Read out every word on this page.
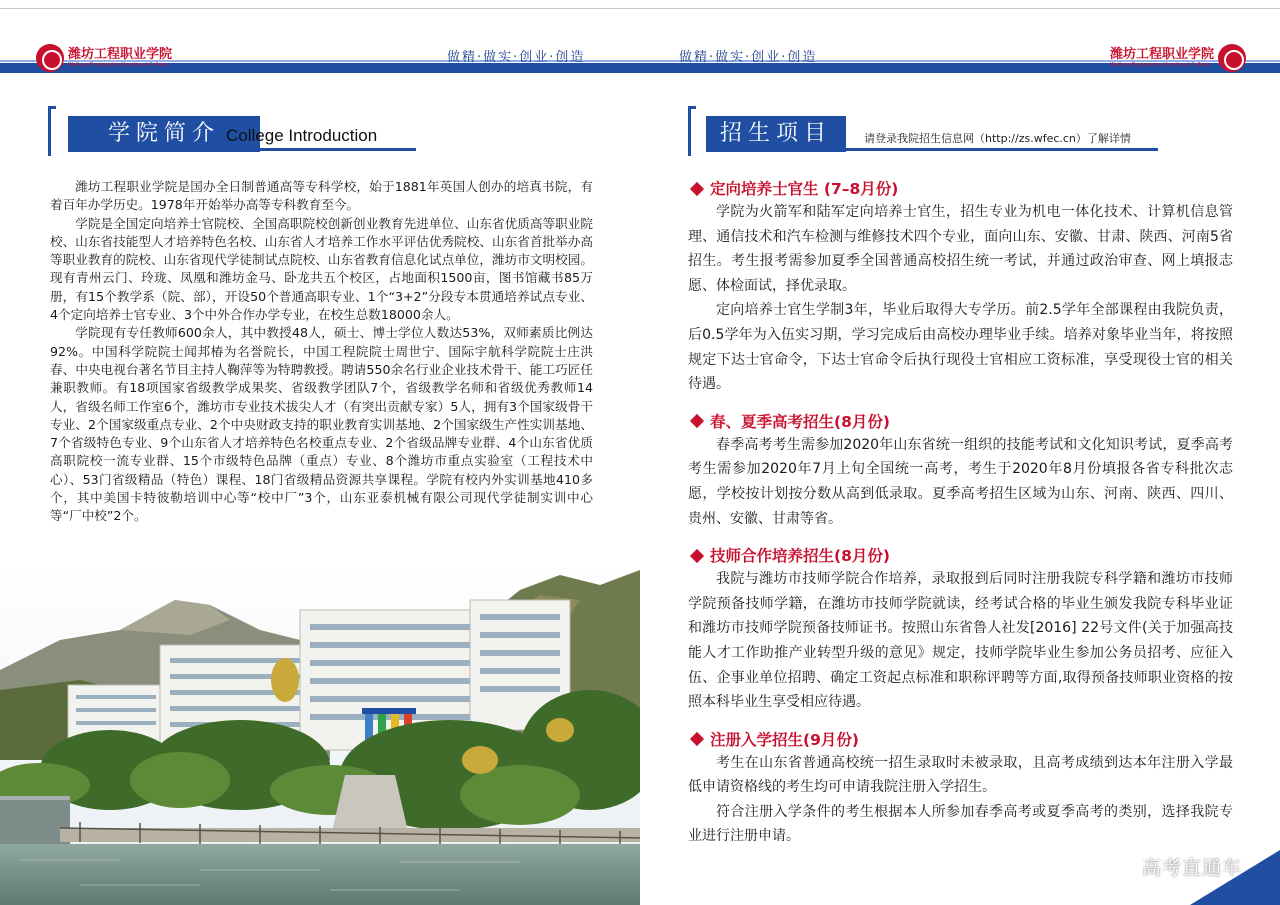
做精·做实·创业·创造	做精·做实·创业·创造
潍坊工程职业学院
Weifang Engineering Vocational College
潍坊工程职业学院
Weifang Engineering Vocational College
学院简介 College Introduction	招生项目	请登录我院招生信息网（http://zs.wfec.cn）了解详情

潍坊工程职业学院是国办全日制普通高等专科学校，始于1881年英国人创办的培真书院，有着百年办学历史。1978年开始举办高等专科教育至今。

学院是全国定向培养士官院校、全国高职院校创新创业教育先进单位、山东省优质高等职业院校、山东省技能型人才培养特色名校、山东省人才培养工作水平评估优秀院校、山东省首批举办高等职业教育的院校、山东省现代学徒制试点院校、山东省教育信息化试点单位，潍坊市文明校园。现有青州云门、玲珑、凤凰和潍坊金马、卧龙共五个校区，占地面积1500亩，图书馆藏书85万册，有15个教学系（院、部），开设50个普通高职专业、1个“3+2”分段专本贯通培养试点专业、4个定向培养士官专业、3个中外合作办学专业，在校生总数18000余人。

学院现有专任教师600余人，其中教授48人，硕士、博士学位人数达53%，双师素质比例达92%。中国科学院院士闻邦椿为名誉院长，中国工程院院士周世宁、国际宇航科学院院士庄洪春、中央电视台著名节目主持人鞠萍等为特聘教授。聘请550余名行业企业技术骨干、能工巧匠任兼职教师。有18项国家省级教学成果奖、省级教学团队7个，省级教学名师和省级优秀教师14人，省级名师工作室6个，潍坊市专业技术拔尖人才（有突出贡献专家）5人，拥有3个国家级骨干专业、2个国家级重点专业、2个中央财政支持的职业教育实训基地、2个国家级生产性实训基地、7个省级特色专业、9个山东省人才培养特色名校重点专业、2个省级品牌专业群、4个山东省优质高职院校一流专业群、15个市级特色品牌（重点）专业、8个潍坊市重点实验室（工程技术中心）、53门省级精品（特色）课程、18门省级精品资源共享课程。学院有校内外实训基地410多个，其中美国卡特彼勒培训中心等“校中厂”3个，山东亚泰机械有限公司现代学徒制实训中心等“厂中校”2个。

定向培养士官生 (7–8月份)

学院为火箭军和陆军定向培养士官生，招生专业为机电一体化技术、计算机信息管理、通信技术和汽车检测与维修技术四个专业，面向山东、安徽、甘肃、陕西、河南5省招生。考生报考需参加夏季全国普通高校招生统一考试，并通过政治审查、网上填报志愿、体检面试，择优录取。

定向培养士官生学制3年，毕业后取得大专学历。前2.5学年全部课程由我院负责，后0.5学年为入伍实习期，学习完成后由高校办理毕业手续。培养对象毕业当年，将按照规定下达士官命令，下达士官命令后执行现役士官相应工资标准，享受现役士官的相关待遇。

春、夏季高考招生(8月份)

春季高考考生需参加2020年山东省统一组织的技能考试和文化知识考试，夏季高考考生需参加2020年7月上旬全国统一高考，考生于2020年8月份填报各省专科批次志愿，学校按计划按分数从高到低录取。夏季高考招生区域为山东、河南、陕西、四川、贵州、安徽、甘肃等省。

技师合作培养招生(8月份)

我院与潍坊市技师学院合作培养，录取报到后同时注册我院专科学籍和潍坊市技师学院预备技师学籍，在潍坊市技师学院就读，经考试合格的毕业生颁发我院专科毕业证和潍坊市技师学院预备技师证书。按照山东省鲁人社发[2016] 22号文件(关于加强高技能人才工作助推产业转型升级的意见》规定，技师学院毕业生参加公务员招考、应征入伍、企事业单位招聘、确定工资起点标准和职称评聘等方面,取得预备技师职业资格的按照本科毕业生享受相应待遇。

注册入学招生(9月份)

考生在山东省普通高校统一招生录取时未被录取，且高考成绩到达本年注册入学最低申请资格线的考生均可申请我院注册入学招生。

符合注册入学条件的考生根据本人所参加春季高考或夏季高考的类别，选择我院专业进行注册申请。

高考直通车
